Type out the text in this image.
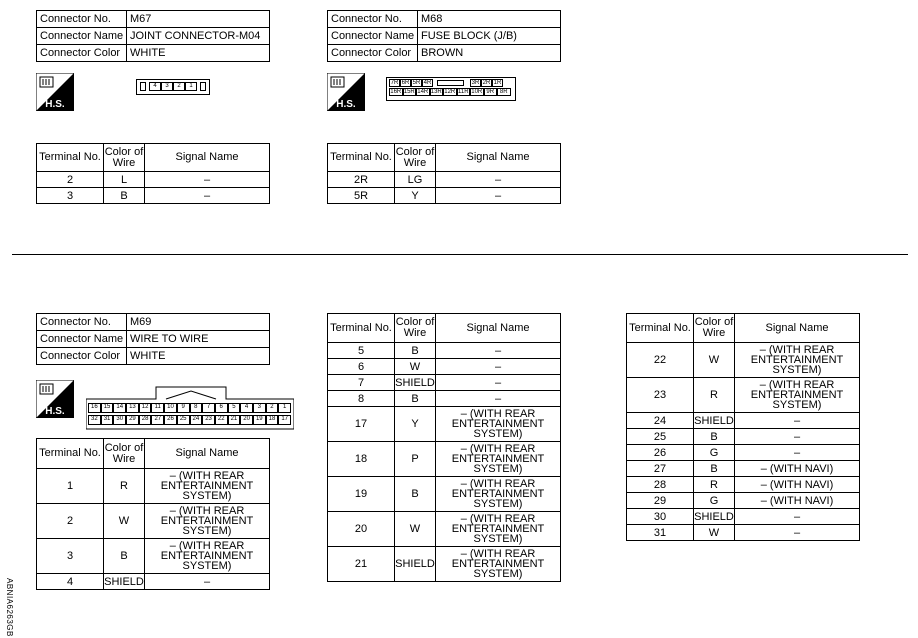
Connector No.	M67
Connector Name	JOINT CONNECTOR-M04
Connector Color	WHITE
H.S.
4	3	2	1
Terminal No.	Color of Wire	Signal Name
2	L	–
3	B	–
Connector No.	M68
Connector Name	FUSE BLOCK (J/B)
Connector Color	BROWN
H.S.
7R 6R 5R 4R	3R 2R 1R
16R 15R 14R 13R 12R 11R 10R 9R 8R
Terminal No.	Color of Wire	Signal Name
2R	LG	–
5R	Y	–
Connector No.	M69
Connector Name	WIRE TO WIRE
Connector Color	WHITE
H.S.	16	15	14	13	12	11	10	9	8	7	6	5	4	3	2	1
32	31	30	29	28	27	26	25	24	23	22	21	20	19	18	17
Terminal No.	Color of Wire	Signal Name
1	R	– (WITH REAR ENTERTAINMENT SYSTEM)
2	W	– (WITH REAR ENTERTAINMENT SYSTEM)
3	B	– (WITH REAR ENTERTAINMENT SYSTEM)
4	SHIELD	–
Terminal No.	Color of Wire	Signal Name
5	B	–
6	W	–
7	SHIELD	–
8	B	–
17	Y	– (WITH REAR ENTERTAINMENT SYSTEM)
18	P	– (WITH REAR ENTERTAINMENT SYSTEM)
19	B	– (WITH REAR ENTERTAINMENT SYSTEM)
20	W	– (WITH REAR ENTERTAINMENT SYSTEM)
21	SHIELD	– (WITH REAR ENTERTAINMENT SYSTEM)
Terminal No.	Color of Wire	Signal Name
22	W	– (WITH REAR ENTERTAINMENT SYSTEM)
23	R	– (WITH REAR ENTERTAINMENT SYSTEM)
24	SHIELD	–
25	B	–
26	G	–
27	B	– (WITH NAVI)
28	R	– (WITH NAVI)
29	G	– (WITH NAVI)
30	SHIELD	–
31	W	–
ABNIA6263GB
